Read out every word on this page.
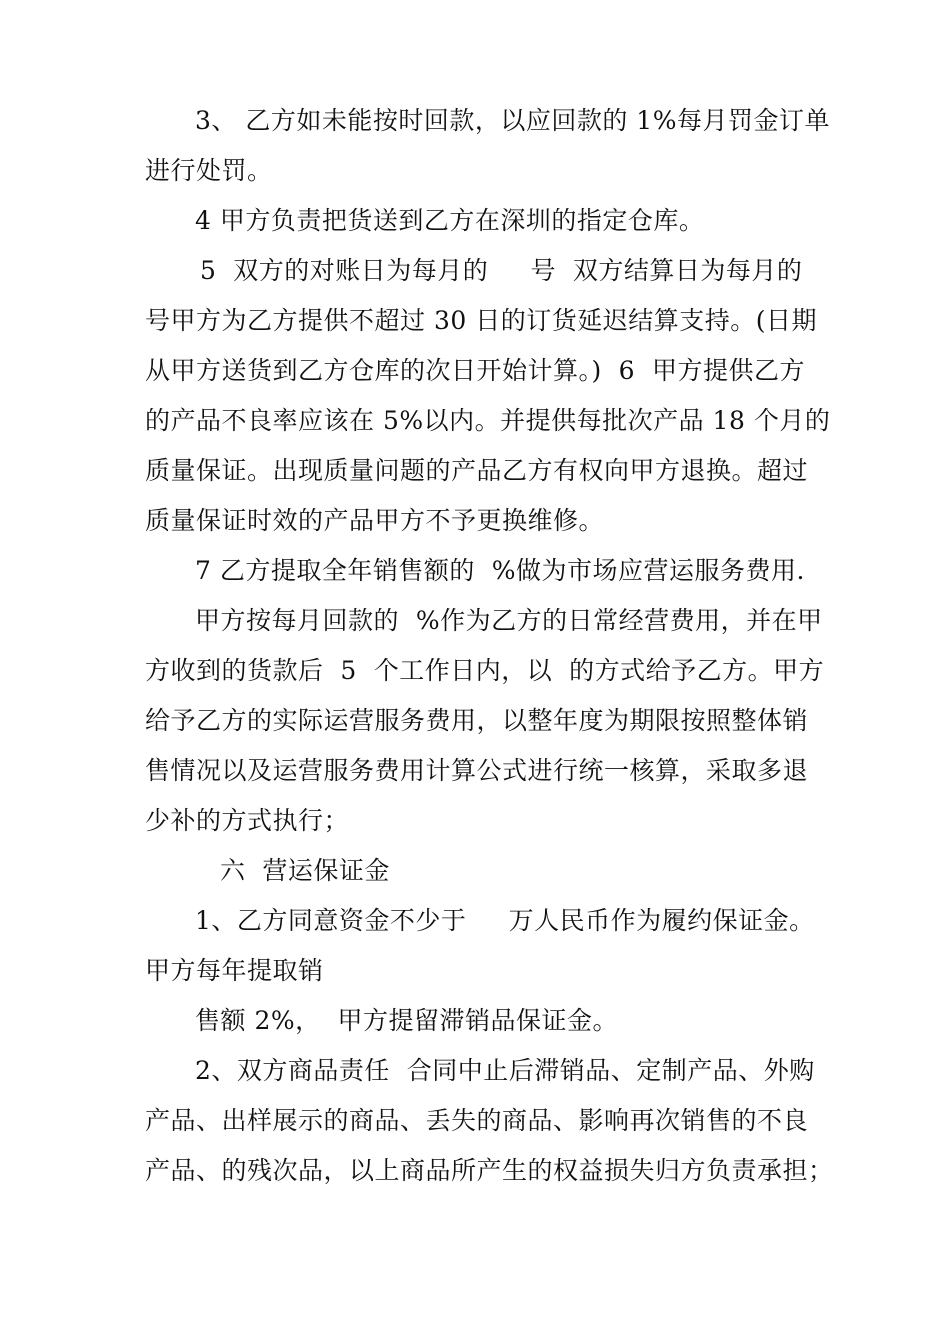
3、 乙方如未能按时回款，以应回款的 1%每月罚金订单
进行处罚。
4 甲方负责把货送到乙方在深圳的指定仓库。
5  双方的对账日为每月的     号  双方结算日为每月的
号甲方为乙方提供不超过 30 日的订货延迟结算支持。(日期
从甲方送货到乙方仓库的次日开始计算。)  6  甲方提供乙方
的产品不良率应该在 5%以内。并提供每批次产品 18 个月的
质量保证。出现质量问题的产品乙方有权向甲方退换。超过
质量保证时效的产品甲方不予更换维修。
7 乙方提取全年销售额的  %做为市场应营运服务费用.
甲方按每月回款的  %作为乙方的日常经营费用，并在甲
方收到的货款后  5  个工作日内，以  的方式给予乙方。甲方
给予乙方的实际运营服务费用，以整年度为期限按照整体销
售情况以及运营服务费用计算公式进行统一核算，采取多退
少补的方式执行；
六  营运保证金
1、乙方同意资金不少于     万人民币作为履约保证金。
甲方每年提取销
售额 2%，  甲方提留滞销品保证金。
2、双方商品责任  合同中止后滞销品、定制产品、外购
产品、出样展示的商品、丢失的商品、影响再次销售的不良
产品、的残次品，以上商品所产生的权益损失归方负责承担；
